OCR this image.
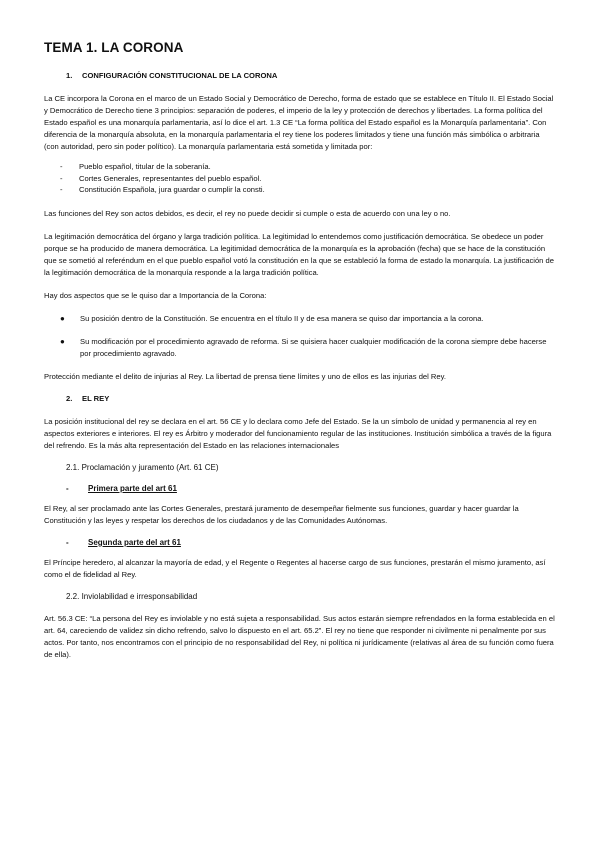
TEMA 1. LA CORONA
1.	CONFIGURACIÓN CONSTITUCIONAL DE LA CORONA

La CE incorpora la Corona en el marco de un Estado Social y Democrático de Derecho, forma de estado que se establece en Título II. El Estado Social y Democrático de Derecho tiene 3 principios: separación de poderes, el imperio de la ley y protección de derechos y libertades. La forma política del Estado español es una monarquía parlamentaria, así lo dice el art. 1.3 CE “La forma política del Estado español es la Monarquía parlamentaria”. Con diferencia de la monarquía absoluta, en la monarquía parlamentaria el rey tiene los poderes limitados y tiene una función más simbólica o arbitraria (con autoridad, pero sin poder político). La monarquía parlamentaria está sometida y limitada por:

-	Pueblo español, titular de la soberanía.
-	Cortes Generales, representantes del pueblo español.
-	Constitución Española, jura guardar o cumplir la consti.

Las funciones del Rey son actos debidos, es decir, el rey no puede decidir si cumple o esta de acuerdo con una ley o no.

La legitimación democrática del órgano y larga tradición política. La legitimidad lo entendemos como justificación democrática. Se obedece un poder porque se ha producido de manera democrática. La legitimidad democrática de la monarquía es la aprobación (fecha) que se hace de la constitución que se sometió al referéndum en el que pueblo español votó la constitución en la que se estableció la forma de estado la monarquía. La justificación de la legitimación democrática de la monarquía responde a la larga tradición política.

Hay dos aspectos que se le quiso dar a Importancia de la Corona:

●	Su posición dentro de la Constitución. Se encuentra en el título II y de esa manera se quiso dar importancia a la corona.
●	Su modificación por el procedimiento agravado de reforma. Si se quisiera hacer cualquier modificación de la corona siempre debe hacerse por procedimiento agravado.

Protección mediante el delito de injurias al Rey. La libertad de prensa tiene límites y uno de ellos es las injurias del Rey.

2.	EL REY

La posición institucional del rey se declara en el art. 56 CE y lo declara como Jefe del Estado. Se la un símbolo de unidad y permanencia al rey en aspectos exteriores e interiores. El rey es Árbitro y moderador del funcionamiento regular de las instituciones. Institución simbólica a través de la figura del refrendo. Es la más alta representación del Estado en las relaciones internacionales

2.1. Proclamación y juramento (Art. 61 CE)
-	Primera parte del art 61

El Rey, al ser proclamado ante las Cortes Generales, prestará juramento de desempeñar fielmente sus funciones, guardar y hacer guardar la Constitución y las leyes y respetar los derechos de los ciudadanos y de las Comunidades Autónomas.

-	Segunda parte del art 61

El Príncipe heredero, al alcanzar la mayoría de edad, y el Regente o Regentes al hacerse cargo de sus funciones, prestarán el mismo juramento, así como el de fidelidad al Rey.

2.2. Inviolabilidad e irresponsabilidad

Art. 56.3 CE: “La persona del Rey es inviolable y no está sujeta a responsabilidad. Sus actos estarán siempre refrendados en la forma establecida en el art. 64, careciendo de validez sin dicho refrendo, salvo lo dispuesto en el art. 65.2”. El rey no tiene que responder ni civilmente ni penalmente por sus actos. Por tanto, nos encontramos con el principio de no responsabilidad del Rey, ni política ni jurídicamente (relativas al área de su función como fuera de ella).
